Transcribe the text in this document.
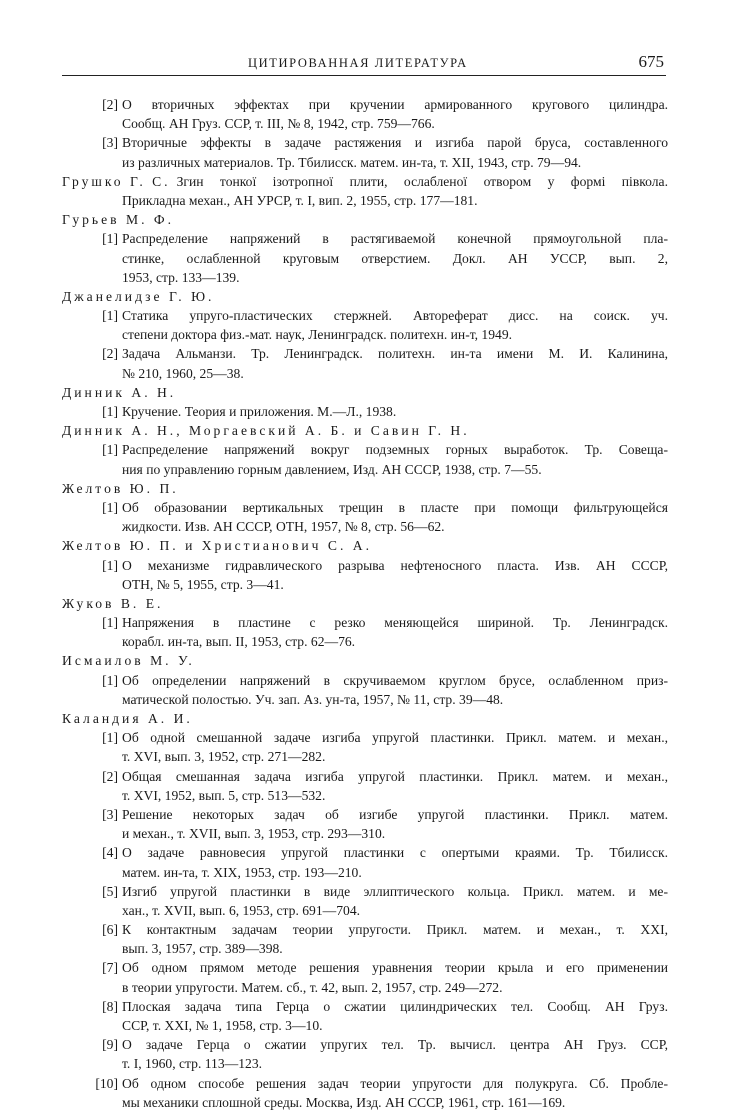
ЦИТИРОВАННАЯ ЛИТЕРАТУРА	675
[2] О вторичных эффектах при кручении армированного кругового цилиндра.
Сообщ. АН Груз. ССР, т. III, № 8, 1942, стр. 759—766.
[3] Вторичные эффекты в задаче растяжения и изгиба парой бруса, составленного
из различных материалов. Тр. Тбилисск. матем. ин-та, т. XII, 1943, стр. 79—94.
Грушко Г. С. Згин тонкої ізотропної плити, ослабленої отвором у формі півкола.
Прикладна механ., АН УРСР, т. I, вип. 2, 1955, стр. 177—181.
Гурьев М. Ф.
[1] Распределение напряжений в растягиваемой конечной прямоугольной пла-
стинке, ослабленной круговым отверстием. Докл. АН УССР, вып. 2,
1953, стр. 133—139.
Джанелидзе Г. Ю.
[1] Статика упруго-пластических стержней. Автореферат дисс. на соиск. уч.
степени доктора физ.-мат. наук, Ленинградск. политехн. ин-т, 1949.
[2] Задача Альманзи. Тр. Ленинградск. политехн. ин-та имени М. И. Калинина,
№ 210, 1960, 25—38.
Динник А. Н.
[1] Кручение. Теория и приложения. М.—Л., 1938.
Динник А. Н., Моргаевский А. Б. и Савин Г. Н.
[1] Распределение напряжений вокруг подземных горных выработок. Тр. Совеща-
ния по управлению горным давлением, Изд. АН СССР, 1938, стр. 7—55.
Желтов Ю. П.
[1] Об образовании вертикальных трещин в пласте при помощи фильтрующейся
жидкости. Изв. АН СССР, ОТН, 1957, № 8, стр. 56—62.
Желтов Ю. П. и Христианович С. А.
[1] О механизме гидравлического разрыва нефтеносного пласта. Изв. АН СССР,
ОТН, № 5, 1955, стр. 3—41.
Жуков В. Е.
[1] Напряжения в пластине с резко меняющейся шириной. Тр. Ленинградск.
корабл. ин-та, вып. II, 1953, стр. 62—76.
Исмаилов М. У.
[1] Об определении напряжений в скручиваемом круглом брусе, ослабленном приз-
матической полостью. Уч. зап. Аз. ун-та, 1957, № 11, стр. 39—48.
Каландия А. И.
[1] Об одной смешанной задаче изгиба упругой пластинки. Прикл. матем. и механ.,
т. XVI, вып. 3, 1952, стр. 271—282.
[2] Общая смешанная задача изгиба упругой пластинки. Прикл. матем. и механ.,
т. XVI, 1952, вып. 5, стр. 513—532.
[3] Решение некоторых задач об изгибе упругой пластинки. Прикл. матем.
и механ., т. XVII, вып. 3, 1953, стр. 293—310.
[4] О задаче равновесия упругой пластинки с опертыми краями. Тр. Тбилисск.
матем. ин-та, т. XIX, 1953, стр. 193—210.
[5] Изгиб упругой пластинки в виде эллиптического кольца. Прикл. матем. и ме-
хан., т. XVII, вып. 6, 1953, стр. 691—704.
[6] К контактным задачам теории упругости. Прикл. матем. и механ., т. XXI,
вып. 3, 1957, стр. 389—398.
[7] Об одном прямом методе решения уравнения теории крыла и его применении
в теории упругости. Матем. сб., т. 42, вып. 2, 1957, стр. 249—272.
[8] Плоская задача типа Герца о сжатии цилиндрических тел. Сообщ. АН Груз.
ССР, т. XXI, № 1, 1958, стр. 3—10.
[9] О задаче Герца о сжатии упругих тел. Тр. вычисл. центра АН Груз. ССР,
т. I, 1960, стр. 113—123.
[10] Об одном способе решения задач теории упругости для полукруга. Сб. Пробле-
мы механики сплошной среды. Москва, Изд. АН СССР, 1961, стр. 161—169.
